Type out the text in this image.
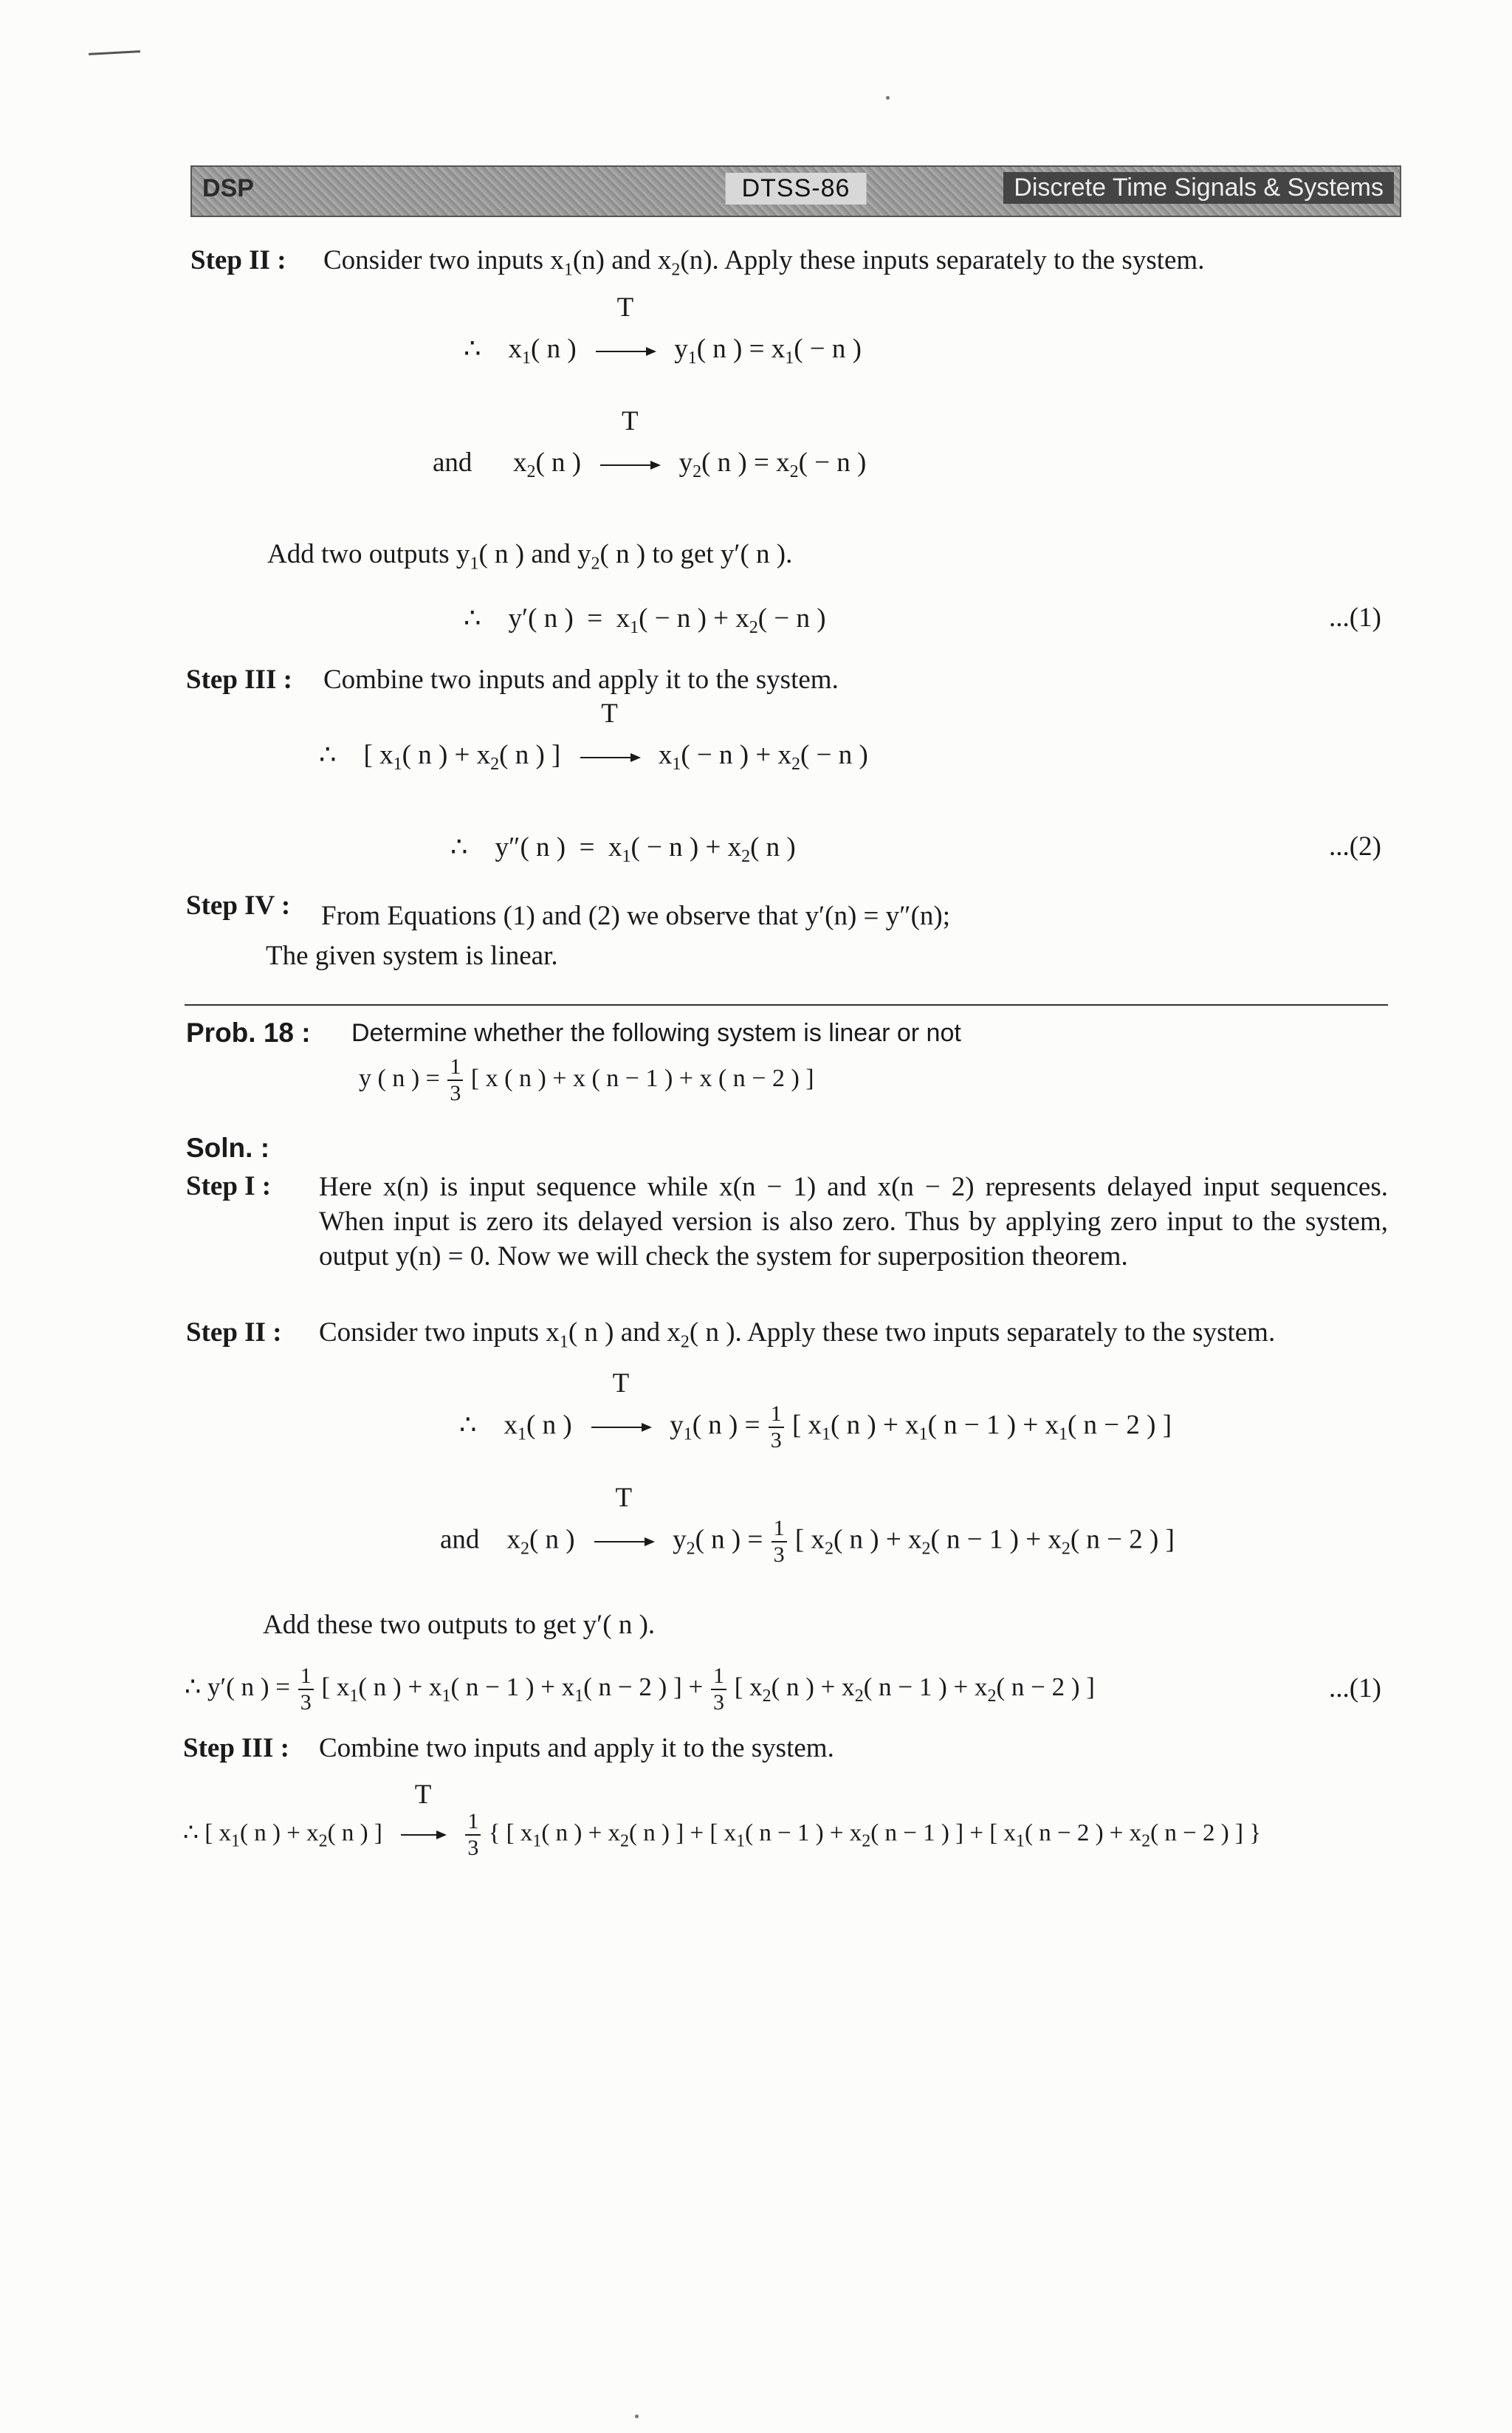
DSP	DTSS-86	Discrete Time Signals & Systems
Step II : Consider two inputs $x_1(n)$ and $x_2(n)$. Apply these inputs separately to the system.
∴    $x_1$( n )
T
$y_1$( n ) = $x_1( - n$ )
and      $x_2$( n )
T
$y_2$( n ) = $x_2( - n$ )
Add two outputs $y_1$( n ) and $y_2$( n ) to get y′( n ).
∴    y′( n )  =  $x_1( - n$ ) + $x_2( - n$ )	...(1)
Step III : Combine two inputs and apply it to the system.
∴    [ $x_1$( n ) + $x_2$( n ) ]
T
$x_1( - n$ ) + $x_2( - n$ )
∴    y″( n )  =  $x_1( - n$ ) + $x_2$( n )	...(2)
Step IV : From Equations (1) and (2) we observe that y′(n) = y″(n);
The given system is linear.
Prob. 18 : Determine whether the following system is linear or not
y ( n ) = $\frac{1}{3}$ [ x ( n ) + x ( n − 1 ) + x ( n − 2 ) ]
Soln. :
Step I : Here x(n) is input sequence while x(n − 1) and x(n − 2) represents delayed input sequences. When input is zero its delayed version is also zero. Thus by applying zero input to the system, output y(n) = 0. Now we will check the system for superposition theorem.
Step II : Consider two inputs $x_1$( n ) and $x_2$( n ). Apply these two inputs separately to the system.
∴    $x_1$( n )
T
$y_1$( n ) = $\frac{1}{3}$ [ $x_1$( n ) + $x_1$( n − 1 ) + $x_1$( n − 2 ) ]
and    $x_2$( n )
T
$y_2$( n ) = $\frac{1}{3}$ [ $x_2$( n ) + $x_2$( n − 1 ) + $x_2$( n − 2 ) ]
Add these two outputs to get y′( n ).
∴ y′( n ) = $\frac{1}{3}$ [ $x_1$( n ) + $x_1$( n − 1 ) + $x_1$( n − 2 ) ] + $\frac{1}{3}$ [ $x_2$( n ) + $x_2$( n − 1 ) + $x_2$( n − 2 ) ]	...(1)
Step III : Combine two inputs and apply it to the system.
∴ [ $x_1$( n ) + $x_2$( n ) ]
T

$\frac{1}{3}$ { [ $x_1$( n ) + $x_2$( n ) ] + [ $x_1$( n − 1 ) + $x_2$( n − 1 ) ] + [ $x_1$( n − 2 ) + $x_2$( n − 2 ) ] }
